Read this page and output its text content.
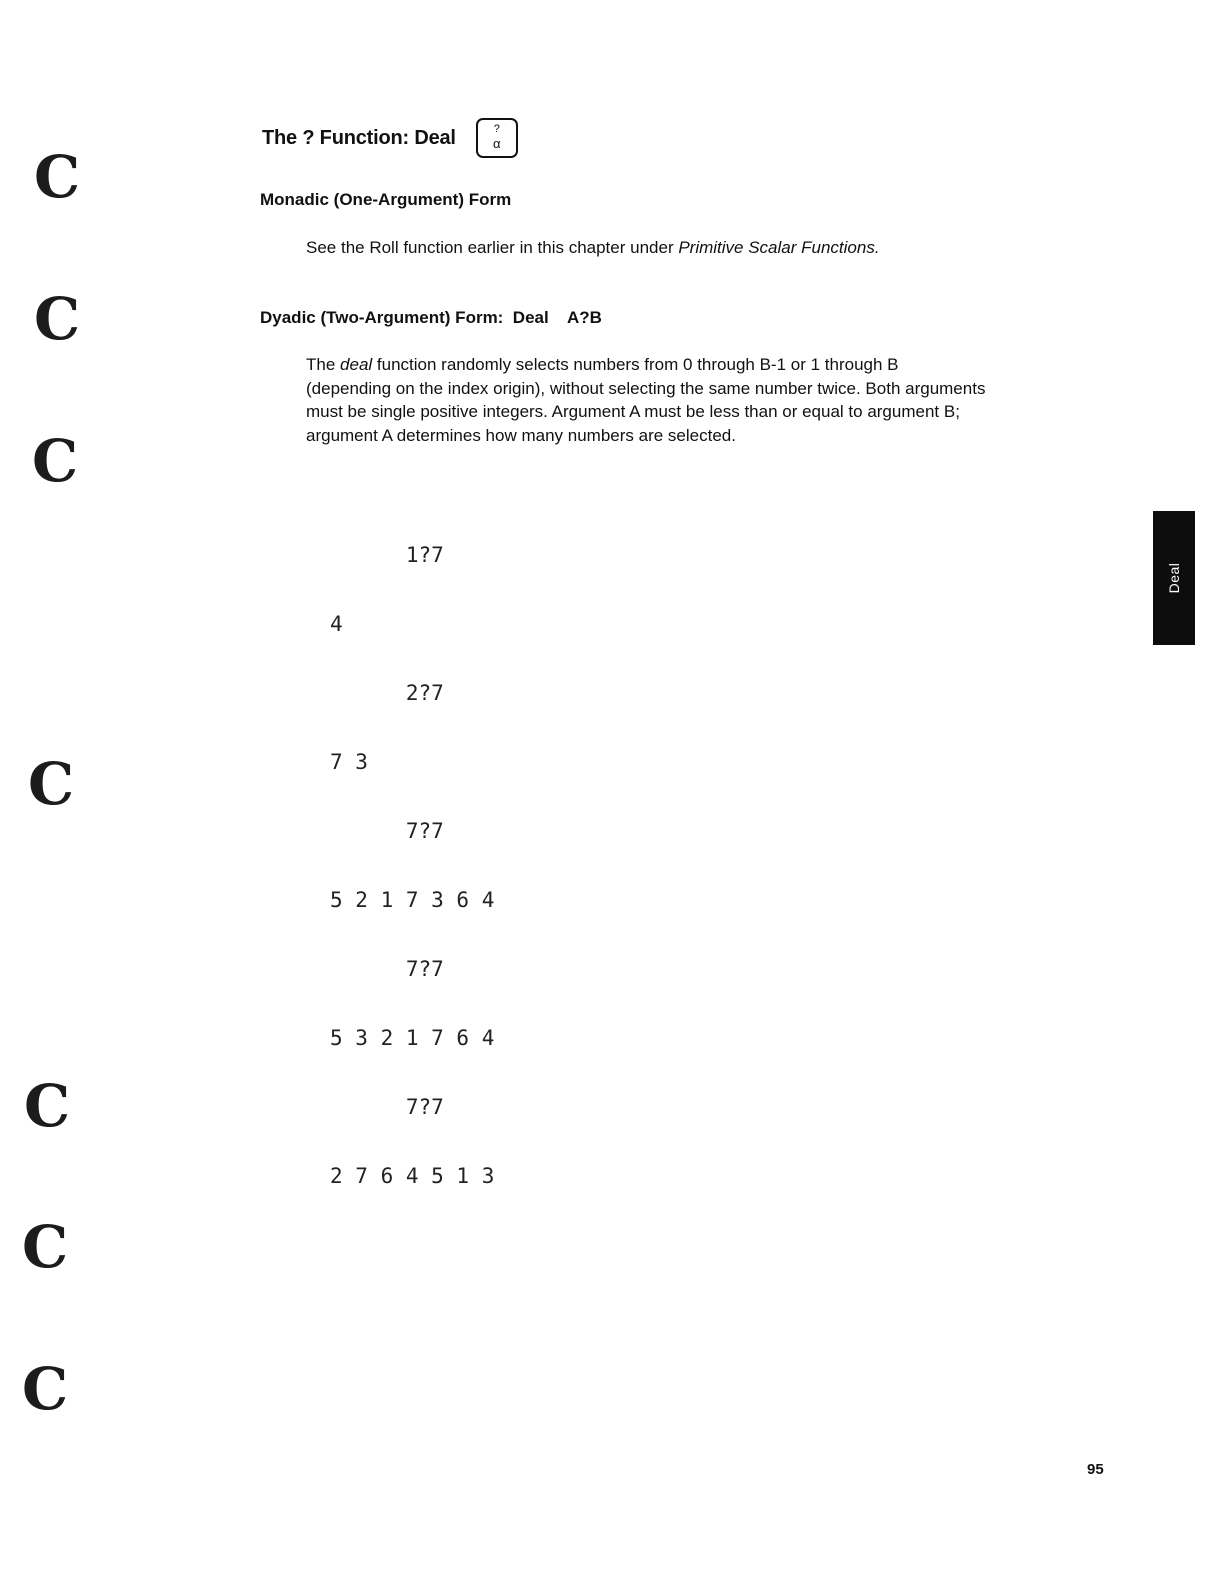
C
C
C
C
C
C
C
The ? Function: Deal	?
α
Monadic (One-Argument) Form
See the Roll function earlier in this chapter under Primitive Scalar Functions.
Dyadic (Two-Argument) Form:  Deal    A?B
The deal function randomly selects numbers from 0 through B-1 or 1 through B (depending on the index origin), without selecting the same number twice. Both arguments must be single positive integers. Argument A must be less than or equal to argument B; argument A determines how many numbers are selected.

1?7

4

2?7

7 3

7?7

5 2 1 7 3 6 4

7?7

5 3 2 1 7 6 4

7?7

2 7 6 4 5 1 3

Deal
95
